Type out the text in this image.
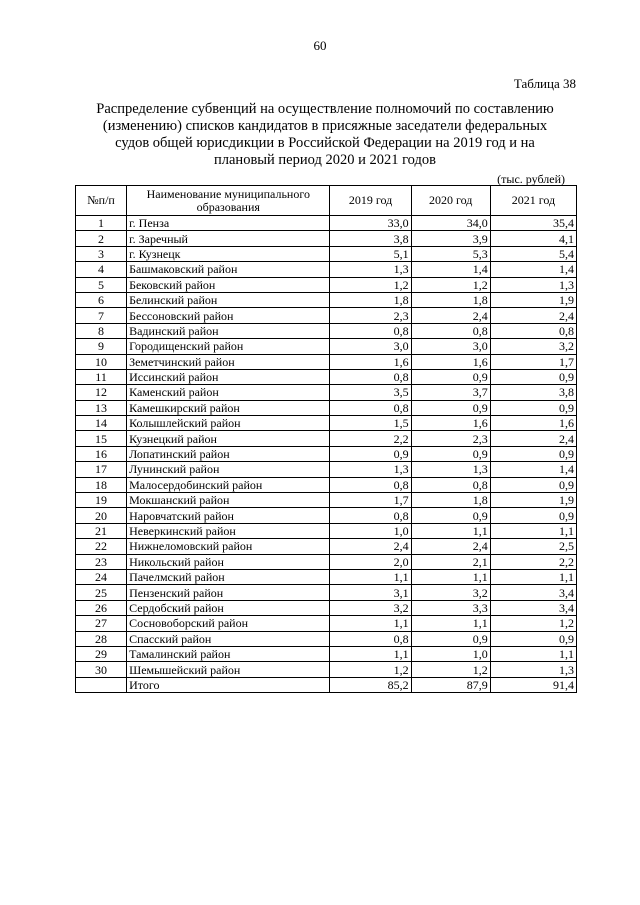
60
Таблица 38
Распределение субвенций на осуществление полномочий по составлению
(изменению) списков кандидатов в присяжные заседатели федеральных
судов общей юрисдикции в Российской Федерации на 2019 год и на
плановый период 2020 и 2021 годов
(тыс. рублей)
№п/п	Наименование муниципального образования	2019 год	2020 год	2021 год
1	г. Пенза	33,0	34,0	35,4
2	г. Заречный	3,8	3,9	4,1
3	г. Кузнецк	5,1	5,3	5,4
4	Башмаковский район	1,3	1,4	1,4
5	Бековский район	1,2	1,2	1,3
6	Белинский район	1,8	1,8	1,9
7	Бессоновский район	2,3	2,4	2,4
8	Вадинский район	0,8	0,8	0,8
9	Городищенский район	3,0	3,0	3,2
10	Земетчинский район	1,6	1,6	1,7
11	Иссинский район	0,8	0,9	0,9
12	Каменский район	3,5	3,7	3,8
13	Камешкирский район	0,8	0,9	0,9
14	Колышлейский район	1,5	1,6	1,6
15	Кузнецкий район	2,2	2,3	2,4
16	Лопатинский район	0,9	0,9	0,9
17	Лунинский район	1,3	1,3	1,4
18	Малосердобинский район	0,8	0,8	0,9
19	Мокшанский район	1,7	1,8	1,9
20	Наровчатский район	0,8	0,9	0,9
21	Неверкинский район	1,0	1,1	1,1
22	Нижнеломовский район	2,4	2,4	2,5
23	Никольский район	2,0	2,1	2,2
24	Пачелмский район	1,1	1,1	1,1
25	Пензенский район	3,1	3,2	3,4
26	Сердобский район	3,2	3,3	3,4
27	Сосновоборский район	1,1	1,1	1,2
28	Спасский район	0,8	0,9	0,9
29	Тамалинский район	1,1	1,0	1,1
30	Шемышейский район	1,2	1,2	1,3
	Итого	85,2	87,9	91,4
